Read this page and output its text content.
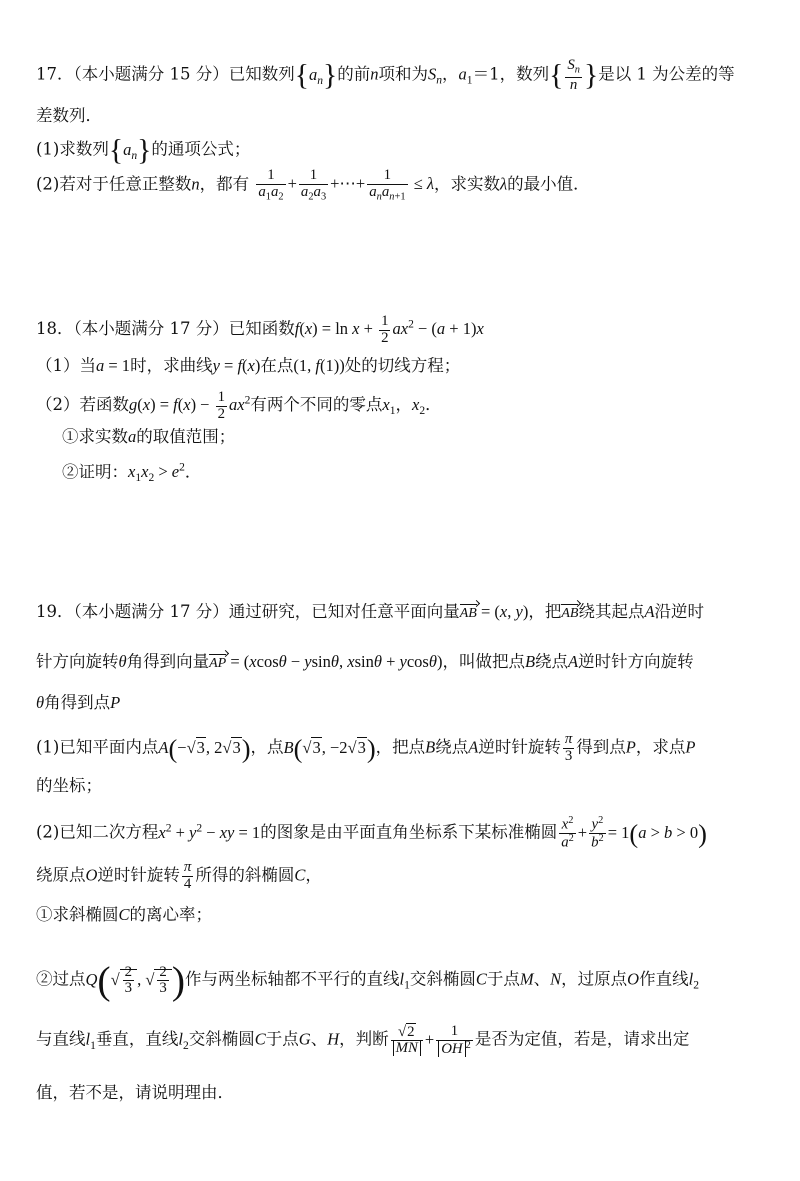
17．（本小题满分 15 分）已知数列$\{a_n\}$的前n项和为$S_n$，$a_1=1$，数列{ $\frac{S_n}{n}$ }是以 1 为公差的等
差数列．
(1)求数列$\{a_n\}$的通项公式；
(2)若对于任意正整数n，都有 $\frac{1}{a_1a_2} + \frac{1}{a_2a_3}$ +⋯+ $\frac{1}{a_na_{n+1}} \le \lambda$，求实数λ的最小值．
18．（本小题满分 17 分）已知函数$f(x) = \ln x + \frac{1}{2} ax^2 - (a + 1)x$
（1）当a = 1时，求曲线y = f(x)在点(1, f(1))处的切线方程；
（2）若函数$g(x) = f(x) - \frac{1}{2} ax^2$有两个不同的零点$x_1$，$x_2$．
①求实数a的取值范围；
②证明：$x_1x_2 > e^2$．
19．（本小题满分 17 分）通过研究，已知对任意平面向量AB = (x, y)，把AB绕其起点A沿逆时
针方向旋转θ角得到向量AP = (xcosθ − ysinθ, xsinθ + ycosθ)，叫做把点B绕点A逆时针方向旋转
θ角得到点P
(1)已知平面内点A(−√3, 2√3)，点B(√3, −2√3)，把点B绕点A逆时针旋转 $\frac{\pi}{3}$ 得到点P，求点P
的坐标；
(2)已知二次方程$x^2 + y^2$ − xy = 1的图象是由平面直角坐标系下某标准椭圆 $\frac{x^2}{a^2} + \frac{y^2}{b^2} = 1(a > b > 0)$
绕原点O逆时针旋转 $\frac{\pi}{4}$ 所得的斜椭圆C，
①求斜椭圆C的离心率；
②过点$Q(√ \frac{2}{3}$ , √ $\frac{2}{3}$ )作与两坐标轴都不平行的直线$l_1$交斜椭圆C于点M、N，过原点O作直线$l_2$
与直线$l_1$垂直，直线$l_2$交斜椭圆C于点G、H，判断 $\frac{√2}{MN} + \frac{1}{OH ^2}$ 是否为定值，若是，请求出定
值，若不是，请说明理由．
